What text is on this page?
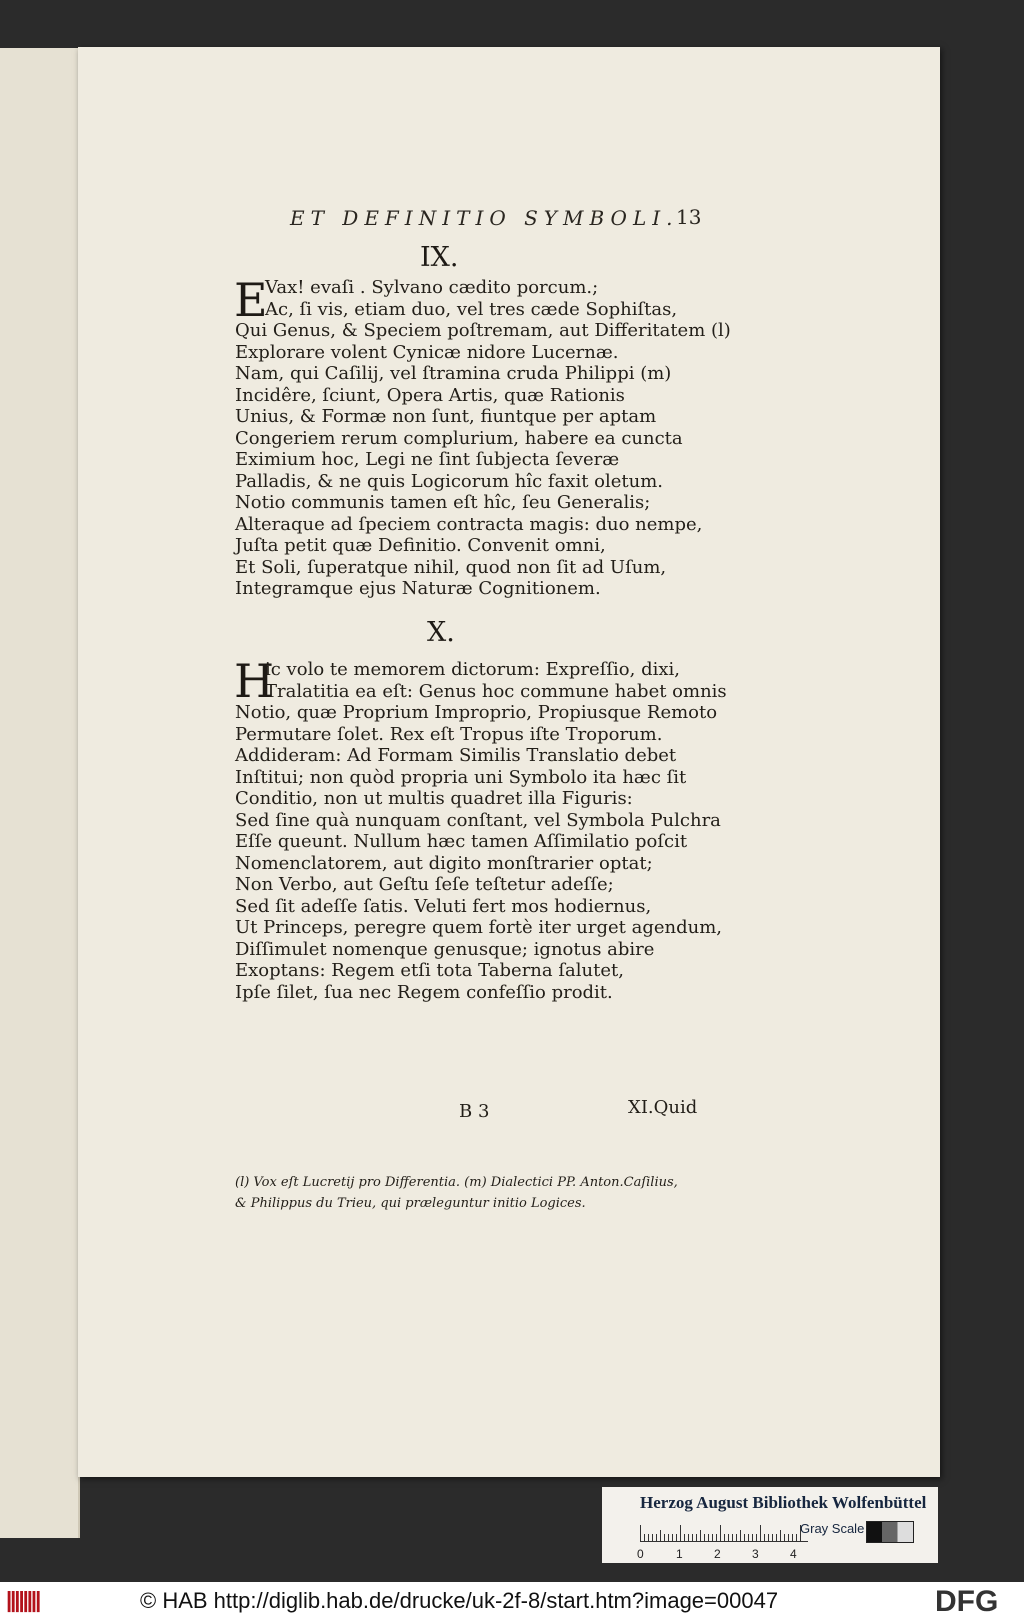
ET DEFINITIO SYMBOLI.
13
IX.
E
Vax! evaſi . Sylvano cædito porcum.;
Ac, ſi vis, etiam duo, vel tres cæde Sophiſtas,
Qui Genus, & Speciem poſtremam, aut Differitatem (l)
Explorare volent Cynicæ nidore Lucernæ.
Nam, qui Caſilij, vel ſtramina cruda Philippi (m)
Incidêre, ſciunt, Opera Artis, quæ Rationis
Unius, & Formæ non ſunt, fiuntque per aptam
Congeriem rerum complurium, habere ea cuncta
Eximium hoc, Legi ne ſint ſubjecta ſeveræ
Palladis, & ne quis Logicorum hîc faxit oletum.
Notio communis tamen eſt hîc, ſeu Generalis;
Alteraque ad ſpeciem contracta magis: duo nempe,
Juſta petit quæ Definitio. Convenit omni,
Et Soli, ſuperatque nihil, quod non ſit ad Uſum,
Integramque ejus Naturæ Cognitionem.
X.
H
ic volo te memorem dictorum: Expreſſio, dixi,
Tralatitia ea eſt: Genus hoc commune habet omnis
Notio, quæ Proprium Improprio, Propiusque Remoto
Permutare ſolet. Rex eſt Tropus iſte Troporum.
Addideram: Ad Formam Similis Translatio debet
Inſtitui; non quòd propria uni Symbolo ita hæc ſit
Conditio, non ut multis quadret illa Figuris:
Sed ſine quà nunquam conſtant, vel Symbola Pulchra
Eſſe queunt. Nullum hæc tamen Aſſimilatio poſcit
Nomenclatorem, aut digito monſtrarier optat;
Non Verbo, aut Geſtu ſeſe teſtetur adeſſe;
Sed ſit adeſſe ſatis. Veluti fert mos hodiernus,
Ut Princeps, peregre quem fortè iter urget agendum,
Diſſimulet nomenque genusque; ignotus abire
Exoptans: Regem etſi tota Taberna ſalutet,
Ipſe ſilet, ſua nec Regem confeſſio prodit.
B 3	XI.Quid
(l) Vox eſt Lucretij pro Differentia. (m) Dialectici PP. Anton.Caſilius,
& Philippus du Trieu, qui præleguntur initio Logices.
Herzog August Bibliothek Wolfenbüttel
Gray Scale
0	1	2	3	4
||||||||	© HAB http://diglib.hab.de/drucke/uk-2f-8/start.htm?image=00047	DFG
